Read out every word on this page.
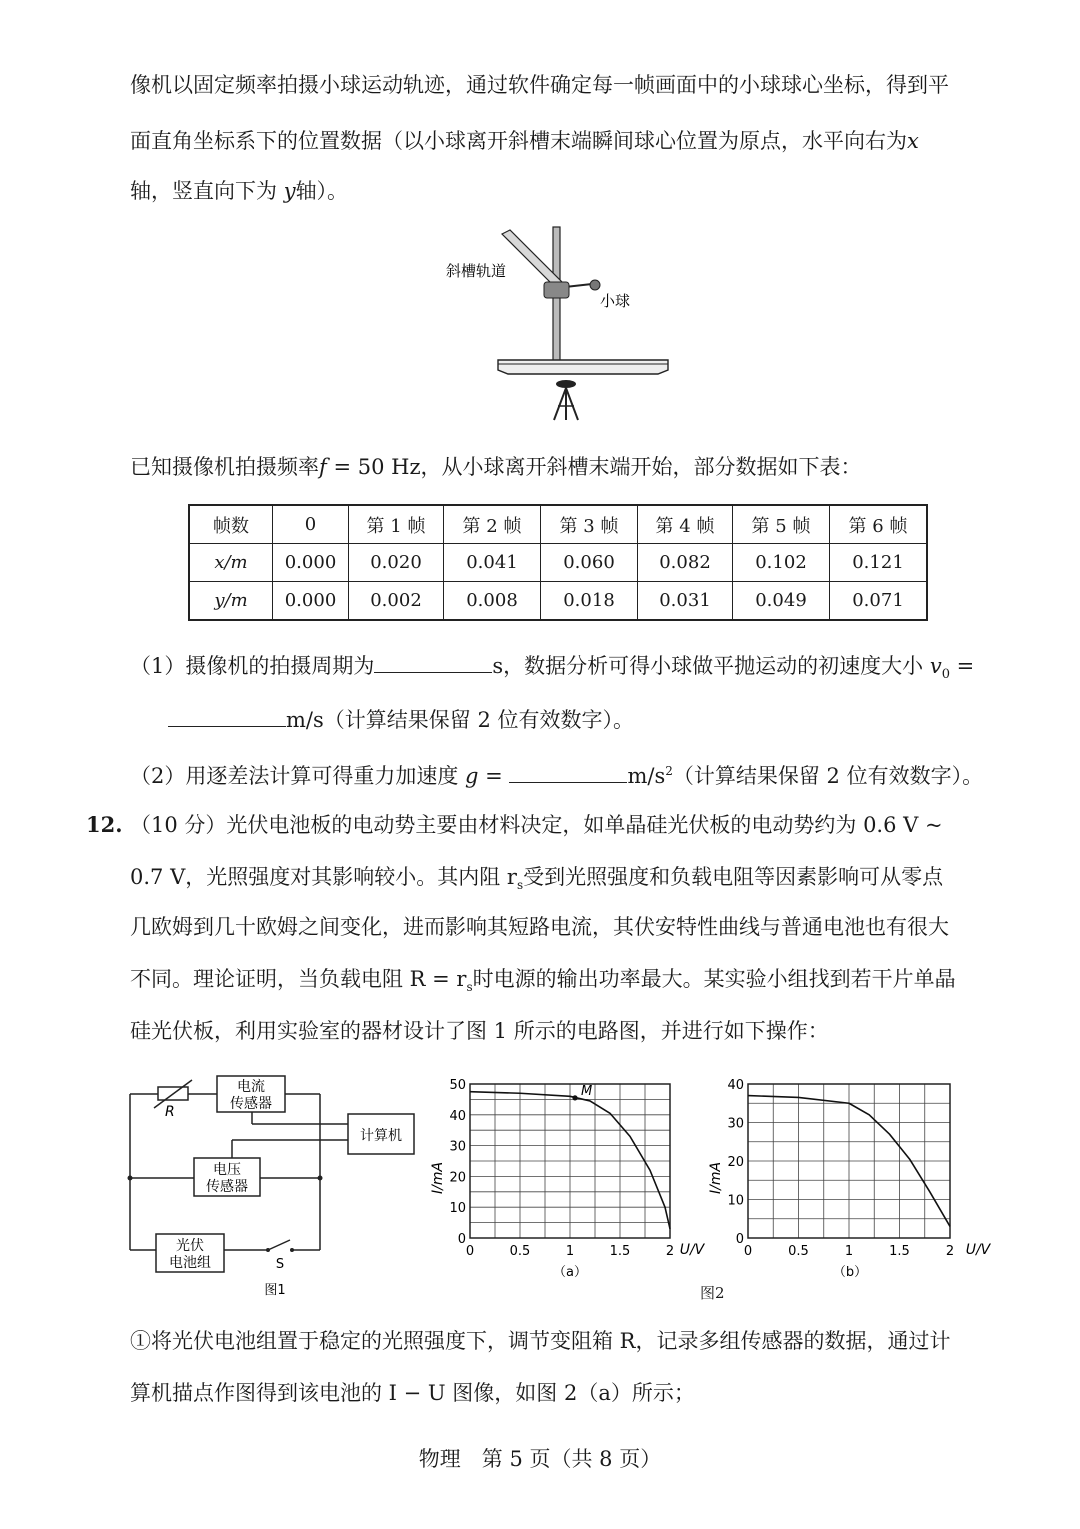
像机以固定频率拍摄小球运动轨迹，通过软件确定每一帧画面中的小球球心坐标，得到平
面直角坐标系下的位置数据（以小球离开斜槽末端瞬间球心位置为原点，水平向右为x
轴，竖直向下为 y轴）。
斜槽轨道
小球
已知摄像机拍摄频率f = 50 Hz，从小球离开斜槽末端开始，部分数据如下表：
帧数	0	第 1 帧	第 2 帧	第 3 帧	第 4 帧	第 5 帧	第 6 帧
x/m	0.000	0.020	0.041	0.060	0.082	0.102	0.121
y/m	0.000	0.002	0.008	0.018	0.031	0.049	0.071
（1）摄像机的拍摄周期为	s，数据分析可得小球做平抛运动的初速度大小 $v_0$ =
m/s（计算结果保留 2 位有效数字）。
（2）用逐差法计算可得重力加速度 g =	$m/s^2$（计算结果保留 2 位有效数字）。
12. （10 分）光伏电池板的电动势主要由材料决定，如单晶硅光伏板的电动势约为 0.6 V ~
0.7 V，光照强度对其影响较小。其内阻 $r_s$受到光照强度和负载电阻等因素影响可从零点
几欧姆到几十欧姆之间变化，进而影响其短路电流，其伏安特性曲线与普通电池也有很大
不同。理论证明，当负载电阻 $R = r_s$时电源的输出功率最大。某实验小组找到若干片单晶
硅光伏板，利用实验室的器材设计了图 1 所示的电路图，并进行如下操作：
R
电流
传感器
计算机
电压
传感器
光伏
电池组	S
图1
I/mA
U/V
（a）
0	0.5	1	1.5	2
0
10
20
30
40
50	M
I/mA
U/V
（b）
0	0.5	1	1.5	2
0
10
20
30
40
图2
①将光伏电池组置于稳定的光照强度下，调节变阻箱 R，记录多组传感器的数据，通过计
算机描点作图得到该电池的 I − U 图像，如图 2（a）所示；
物理　第 5 页（共 8 页）
